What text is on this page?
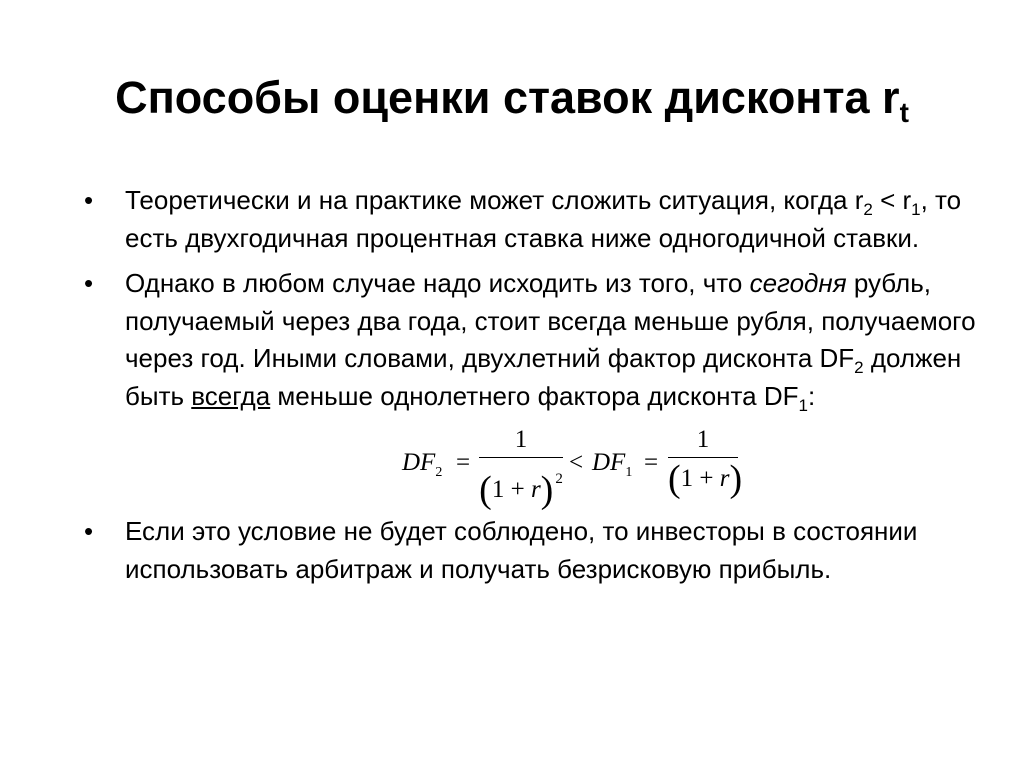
Способы оценки ставок дисконта $r_t$
• Теоретически и на практике может сложить ситуация, когда $r_2 < r_1$, то есть двухгодичная процентная ставка ниже одногодичной ставки.
• Однако в любом случае надо исходить из того, что сегодня рубль, получаемый через два года, стоит всегда меньше рубля, получаемого через год. Иными словами, двухлетний фактор дисконта $DF_2$ должен быть всегда меньше однолетнего фактора дисконта $DF_1$:
$DF_2$ =
1
(1 + r) $^2$
< $DF_1$ =
1
(1 + r)
• Если это условие не будет соблюдено, то инвесторы в состоянии использовать арбитраж и получать безрисковую прибыль.
